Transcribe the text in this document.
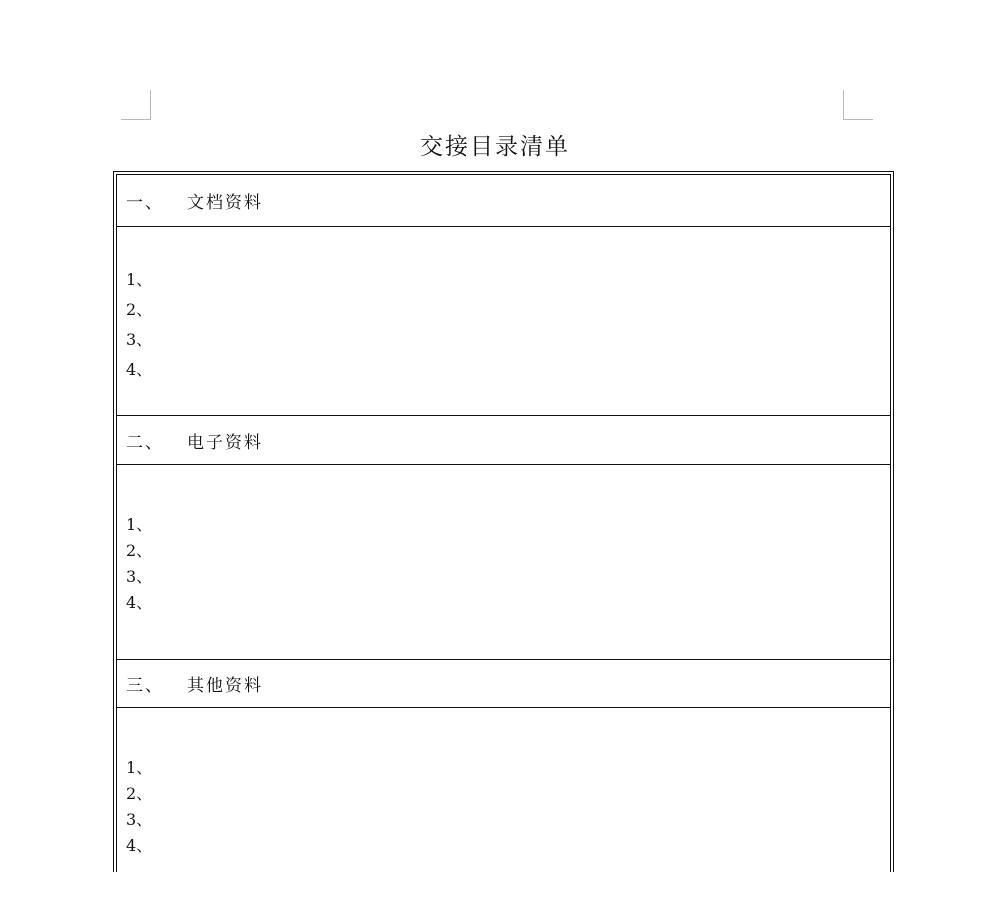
交接目录清单
一、 文档资料
1、
2、
3、
4、
二、 电子资料
1、
2、
3、
4、
三、 其他资料
1、
2、
3、
4、
